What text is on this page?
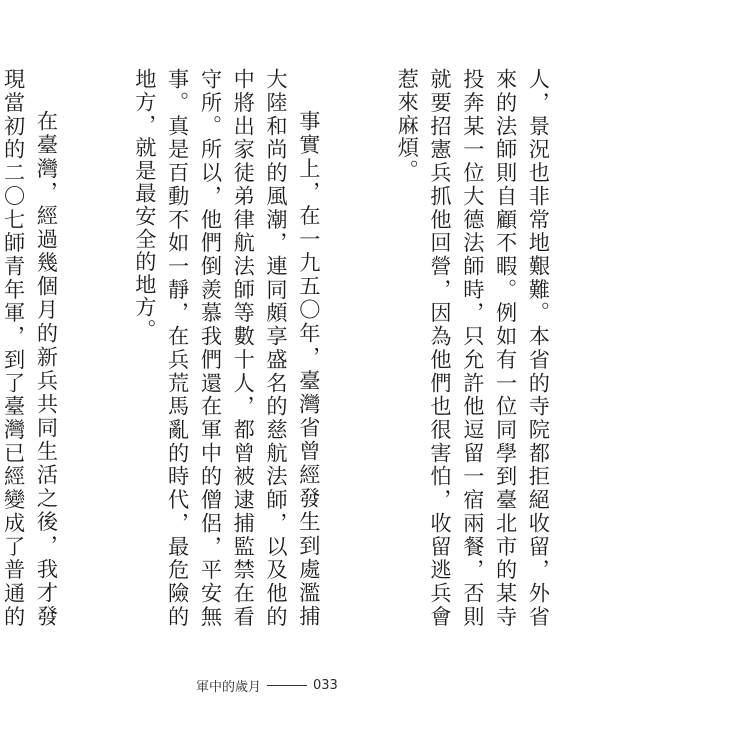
人，景況也非常地艱難。本省的寺院都拒絕收留，外省來的法師則自顧不暇。例如有一位同學到臺北市的某寺投奔某一位大德法師時，只允許他逗留一宿兩餐，否則就要招憲兵抓他回營，因為他們也很害怕，收留逃兵會惹來麻煩。

事實上，在一九五〇年，臺灣省曾經發生到處濫捕大陸和尚的風潮，連同頗享盛名的慈航法師，以及他的中將出家徒弟律航法師等數十人，都曾被逮捕監禁在看守所。所以，他們倒羨慕我們還在軍中的僧侶，平安無事。真是百動不如一靜，在兵荒馬亂的時代，最危險的地方，就是最安全的地方。

在臺灣，經過幾個月的新兵共同生活之後，我才發現當初的二〇七師青年軍，到了臺灣已經變成了普通的

軍中的歲月	033
